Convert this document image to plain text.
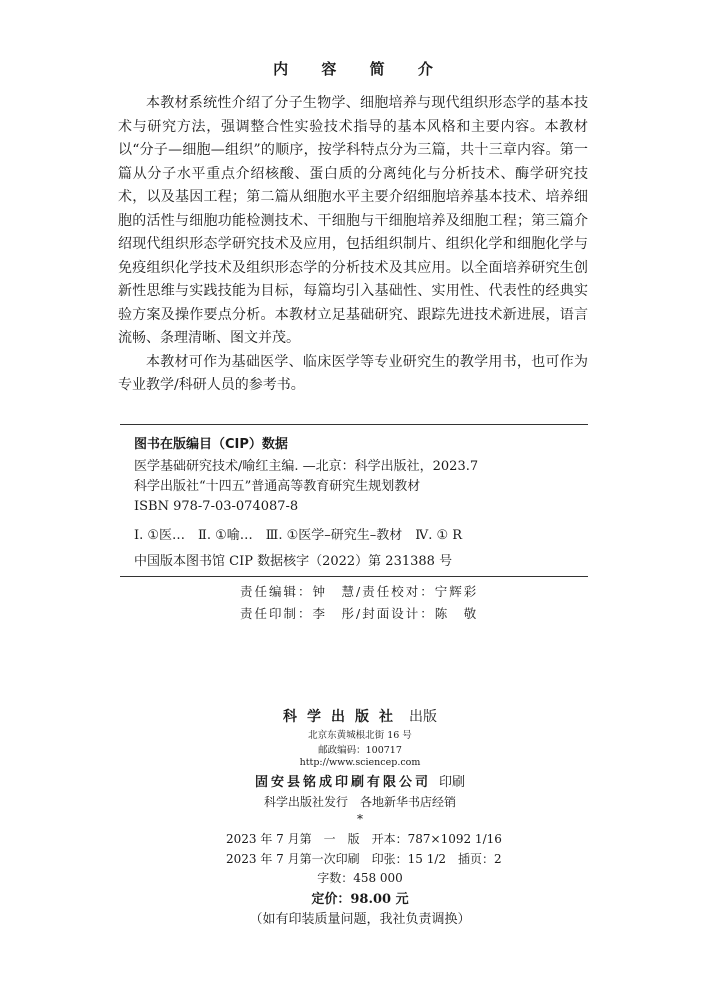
内 容 简 介

本教材系统性介绍了分子生物学、细胞培养与现代组织形态学的基本技术与研究方法，强调整合性实验技术指导的基本风格和主要内容。本教材以“分子—细胞—组织”的顺序，按学科特点分为三篇，共十三章内容。第一篇从分子水平重点介绍核酸、蛋白质的分离纯化与分析技术、酶学研究技术，以及基因工程；第二篇从细胞水平主要介绍细胞培养基本技术、培养细胞的活性与细胞功能检测技术、干细胞与干细胞培养及细胞工程；第三篇介绍现代组织形态学研究技术及应用，包括组织制片、组织化学和细胞化学与免疫组织化学技术及组织形态学的分析技术及其应用。以全面培养研究生创新性思维与实践技能为目标，每篇均引入基础性、实用性、代表性的经典实验方案及操作要点分析。本教材立足基础研究、跟踪先进技术新进展，语言流畅、条理清晰、图文并茂。

本教材可作为基础医学、临床医学等专业研究生的教学用书，也可作为专业教学/科研人员的参考书。

图书在版编目（CIP）数据
医学基础研究技术/喻红主编. —北京：科学出版社，2023.7
科学出版社“十四五”普通高等教育研究生规划教材
ISBN 978-7-03-074087-8
Ⅰ. ①医…　Ⅱ. ①喻…　Ⅲ. ①医学–研究生–教材　Ⅳ. ① R
中国版本图书馆 CIP 数据核字（2022）第 231388 号
责任编辑：钟　慧/责任校对：宁辉彩
责任印制：李　彤/封面设计：陈　敬
科学出版社 出版
北京东黄城根北街 16 号
邮政编码：100717
http://www.sciencep.com
固安县铭成印刷有限公司 印刷
科学出版社发行　各地新华书店经销
*
2023 年 7 月第　一　版　开本：787×1092 1/16
2023 年 7 月第一次印刷　印张：15 1/2　插页：2
字数：458 000
定价：98.00 元
（如有印装质量问题，我社负责调换）
